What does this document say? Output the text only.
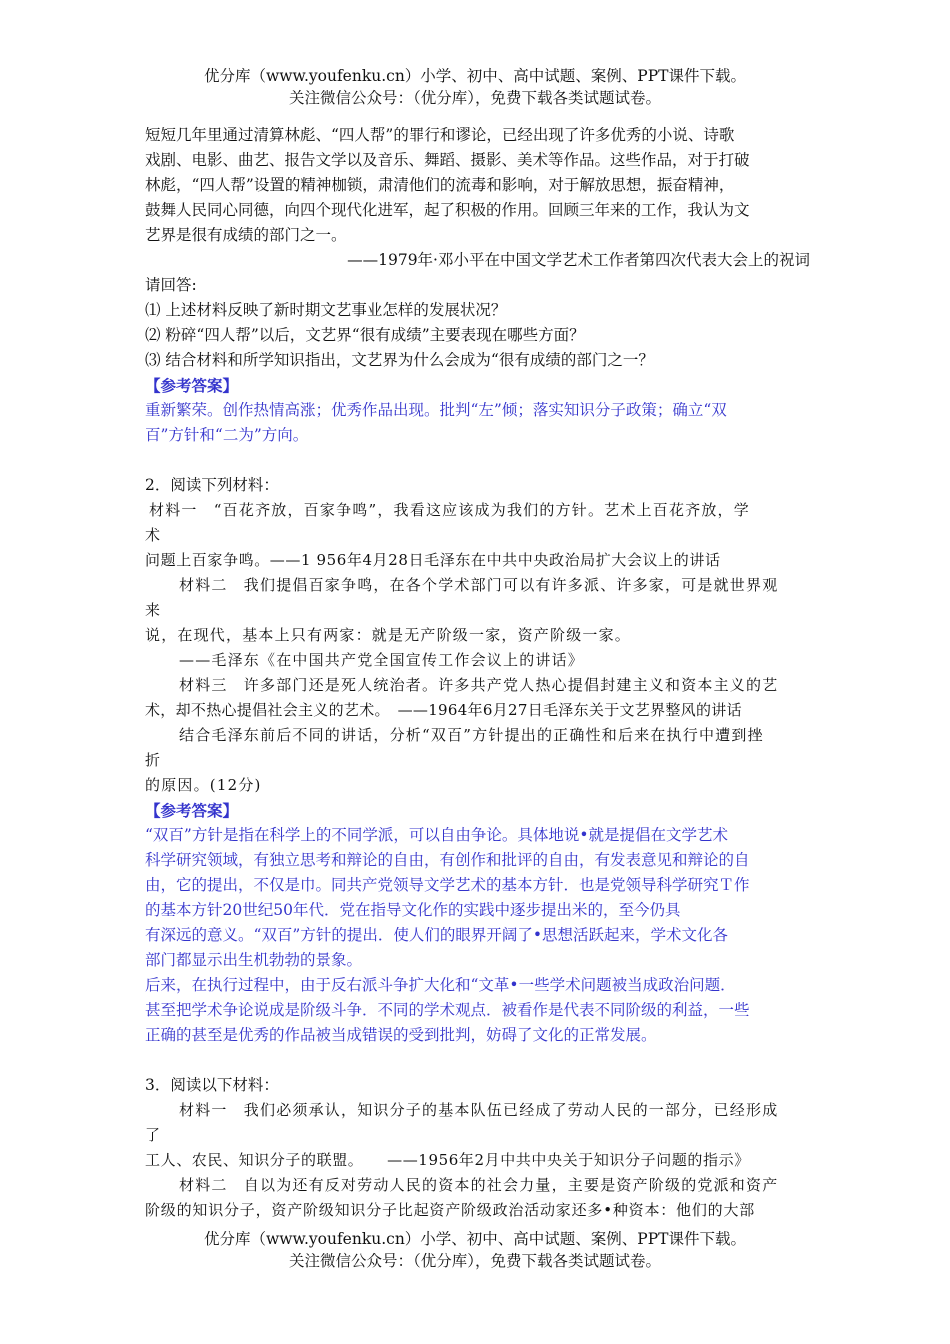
优分库（www.youfenku.cn）小学、初中、高中试题、案例、PPT课件下载。
关注微信公众号：（优分库），免费下载各类试题试卷。

短短几年里通过清算林彪、“四人帮”的罪行和谬论，已经出现了许多优秀的小说、诗歌

戏剧、电影、曲艺、报告文学以及音乐、舞蹈、摄影、美术等作品。这些作品，对于打破

林彪，“四人帮”设置的精神枷锁，肃清他们的流毒和影响，对于解放思想，振奋精神，

鼓舞人民同心同德，向四个现代化进军，起了积极的作用。回顾三年来的工作，我认为文

艺界是很有成绩的部门之一。

——1979年·邓小平在中国文学艺术工作者第四次代表大会上的祝词

请回答:

⑴ 上述材料反映了新时期文艺事业怎样的发展状况？

⑵ 粉碎“四人帮”以后，文艺界“很有成绩”主要表现在哪些方面？

⑶ 结合材料和所学知识指出，文艺界为什么会成为“很有成绩的部门之一？

【参考答案】

重新繁荣。创作热情高涨；优秀作品出现。批判“左”倾；落实知识分子政策；确立“双

百”方针和“二为”方向。

2．阅读下列材料：

材料一　“百花齐放，百家争鸣”，我看这应该成为我们的方针。艺术上百花齐放，学

术

问题上百家争鸣。——1 956年4月28日毛泽东在中共中央政治局扩大会议上的讲话

材料二　我们提倡百家争鸣，在各个学术部门可以有许多派、许多家，可是就世界观

来

说，在现代，基本上只有两家：就是无产阶级一家，资产阶级一家。

——毛泽东《在中国共产党全国宣传工作会议上的讲话》

材料三　许多部门还是死人统治者。许多共产党人热心提倡封建主义和资本主义的艺

术，却不热心提倡社会主义的艺术。　——1964年6月27日毛泽东关于文艺界整风的讲话

结合毛泽东前后不同的讲话，分析“双百”方针提出的正确性和后来在执行中遭到挫

折

的原因。(12分)

【参考答案】

“双百”方针是指在科学上的不同学派，可以自由争论。具体地说•就是提倡在文学艺术

科学研究领域，有独立思考和辩论的自由，有创作和批评的自由，有发表意见和辩论的自

由，它的提出，不仅是巾。同共产党领导文学艺术的基本方针．也是党领导科学研究Ｔ作

的基本方针20世纪50年代．党在指导文化作的实践中逐步提出米的，至今仍具

有深远的意义。“双百”方针的提出．使人们的眼界开阔了•思想活跃起来，学术文化各

部门都显示出生机勃勃的景象。

后来，在执行过程中，由于反右派斗争扩大化和“文革•一些学术问题被当成政治问题．

甚至把学术争论说成是阶级斗争．不同的学术观点．被看作是代表不同阶级的利益，一些

正确的甚至是优秀的作品被当成错误的受到批判，妨碍了文化的正常发展。

3．阅读以下材料：

材料一　我们必须承认，知识分子的基本队伍已经成了劳动人民的一部分，已经形成

了

工人、农民、知识分子的联盟。　　——1956年2月中共中央关于知识分子问题的指示》

材料二　自以为还有反对劳动人民的资本的社会力量，主要是资产阶级的党派和资产

阶级的知识分子，资产阶级知识分子比起资产阶级政治活动家还多•种资本：他们的大部

优分库（www.youfenku.cn）小学、初中、高中试题、案例、PPT课件下载。
关注微信公众号：（优分库），免费下载各类试题试卷。
